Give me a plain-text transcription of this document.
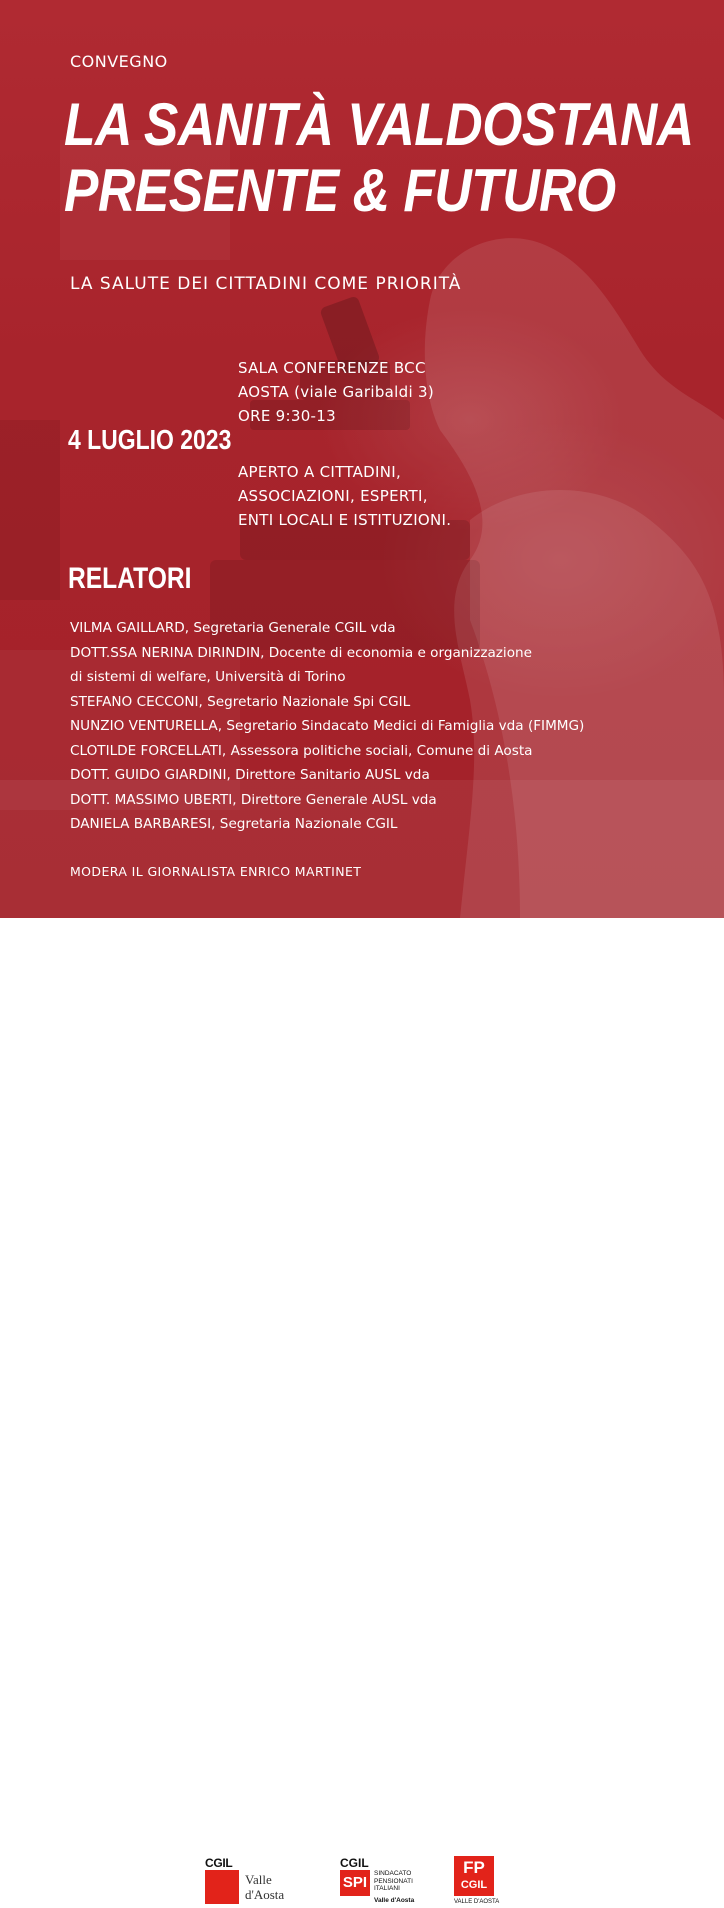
CONVEGNO
LA SANITÀ VALDOSTANA
PRESENTE & FUTURO
LA SALUTE DEI CITTADINI COME PRIORITÀ
4 LUGLIO 2023
SALA CONFERENZE BCC
AOSTA (viale Garibaldi 3)
ORE 9:30-13
APERTO A CITTADINI,
ASSOCIAZIONI, ESPERTI,
ENTI LOCALI E ISTITUZIONI.
RELATORI
VILMA GAILLARD, Segretaria Generale CGIL vda
DOTT.SSA NERINA DIRINDIN, Docente di economia e organizzazione
di sistemi di welfare, Università di Torino
STEFANO CECCONI, Segretario Nazionale Spi CGIL
NUNZIO VENTURELLA, Segretario Sindacato Medici di Famiglia vda (FIMMG)
CLOTILDE FORCELLATI, Assessora politiche sociali, Comune di Aosta
DOTT. GUIDO GIARDINI, Direttore Sanitario AUSL vda
DOTT. MASSIMO UBERTI, Direttore Generale AUSL vda
DANIELA BARBARESI, Segretaria Nazionale CGIL
MODERA IL GIORNALISTA ENRICO MARTINET
CGIL
Valle
d'Aosta
CGIL
SPI
SINDACATO
PENSIONATI
ITALIANI
Valle d'Aosta
FP
CGIL
VALLE D'AOSTA
